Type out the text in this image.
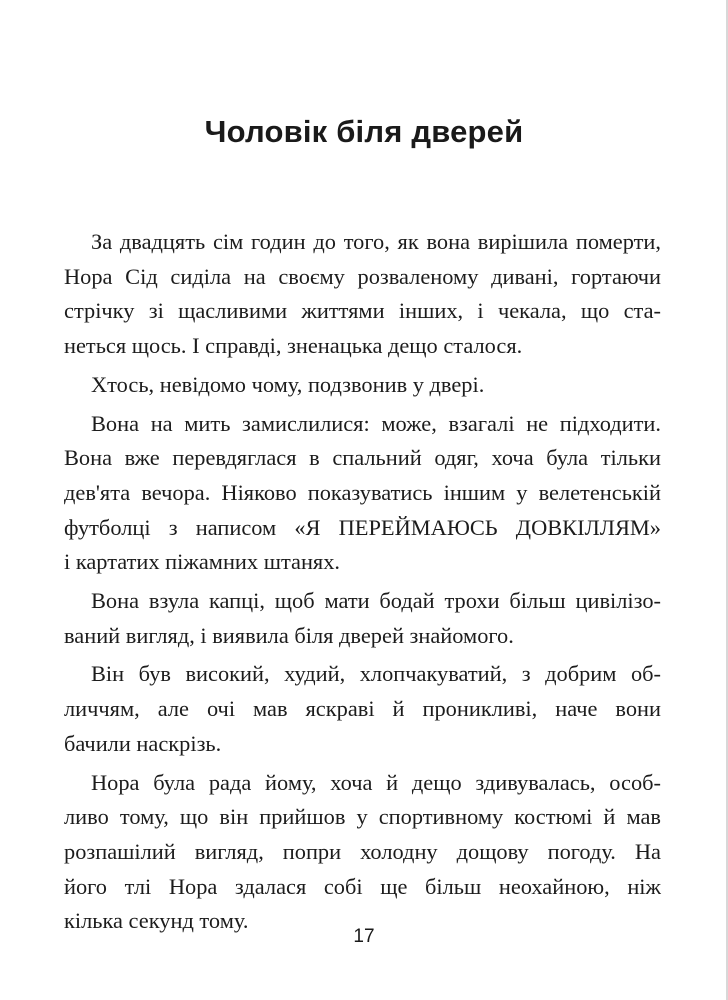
Чоловік біля дверей
За двадцять сім годин до того, як вона вирішила померти,
Нора Сід сиділа на своєму розваленому дивані, гортаючи
стрічку зі щасливими життями інших, і чекала, що ста-
неться щось. І справді, зненацька дещо сталося.
Хтось, невідомо чому, подзвонив у двері.
Вона на мить замислилися: може, взагалі не підходити.
Вона вже перевдяглася в спальний одяг, хоча була тільки
дев'ята вечора. Ніяково показуватись іншим у велетенській
футболці з написом «Я ПЕРЕЙМАЮСЬ ДОВКІЛЛЯМ»
і картатих піжамних штанях.
Вона взула капці, щоб мати бодай трохи більш цивілізо-
ваний вигляд, і виявила біля дверей знайомого.
Він був високий, худий, хлопчакуватий, з добрим об-
личчям, але очі мав яскраві й проникливі, наче вони
бачили наскрізь.
Нора була рада йому, хоча й дещо здивувалась, особ-
ливо тому, що він прийшов у спортивному костюмі й мав
розпашілий вигляд, попри холодну дощову погоду. На
його тлі Нора здалася собі ще більш неохайною, ніж
кілька секунд тому.
17
